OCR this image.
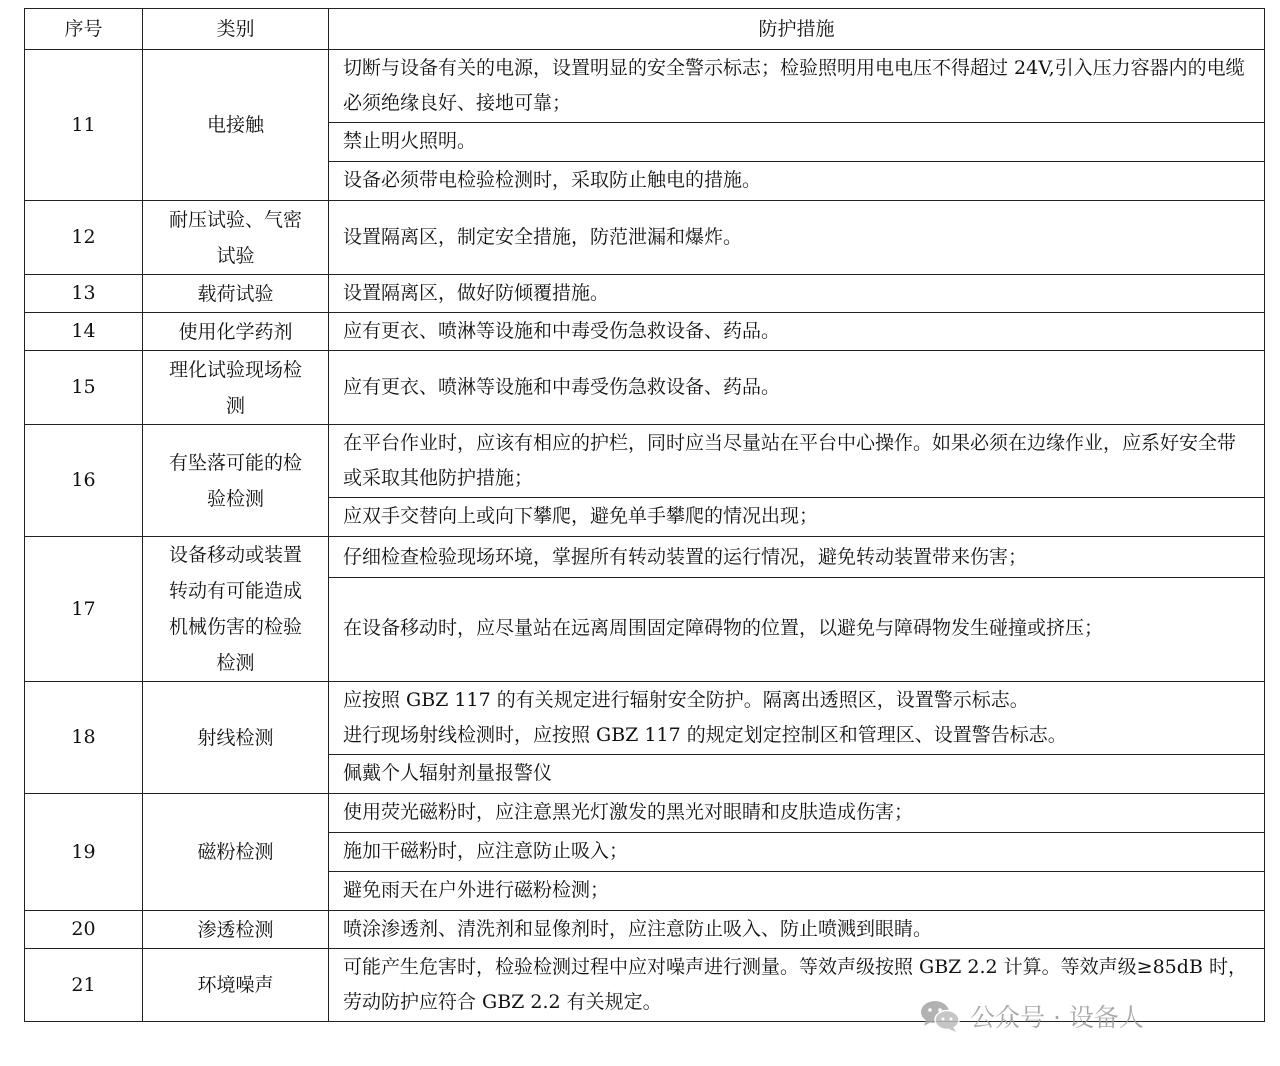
序号	类别	防护措施
11	电接触	切断与设备有关的电源，设置明显的安全警示标志；检验照明用电电压不得超过 24V,引入压力容器内的电缆必须绝缘良好、接地可靠；
禁止明火照明。
设备必须带电检验检测时，采取防止触电的措施。

12	耐压试验、气密试验	设置隔离区，制定安全措施，防范泄漏和爆炸。
13	载荷试验	设置隔离区，做好防倾覆措施。
14	使用化学药剂	应有更衣、喷淋等设施和中毒受伤急救设备、药品。
15	理化试验现场检测	应有更衣、喷淋等设施和中毒受伤急救设备、药品。
16	有坠落可能的检验检测	在平台作业时，应该有相应的护栏，同时应当尽量站在平台中心操作。如果必须在边缘作业，应系好安全带或采取其他防护措施；
应双手交替向上或向下攀爬，避免单手攀爬的情况出现；

17	设备移动或装置转动有可能造成机械伤害的检验检测	仔细检查检验现场环境，掌握所有转动装置的运行情况，避免转动装置带来伤害；
在设备移动时，应尽量站在远离周围固定障碍物的位置，以避免与障碍物发生碰撞或挤压；

18	射线检测	应按照 GBZ 117 的有关规定进行辐射安全防护。隔离出透照区，设置警示标志。
进行现场射线检测时，应按照 GBZ 117 的规定划定控制区和管理区、设置警告标志。
佩戴个人辐射剂量报警仪

19	磁粉检测	使用荧光磁粉时，应注意黑光灯激发的黑光对眼睛和皮肤造成伤害；
施加干磁粉时，应注意防止吸入；
避免雨天在户外进行磁粉检测；

20	渗透检测	喷涂渗透剂、清洗剂和显像剂时，应注意防止吸入、防止喷溅到眼睛。
21	环境噪声	可能产生危害时，检验检测过程中应对噪声进行测量。等效声级按照 GBZ 2.2 计算。等效声级≥85dB 时，劳动防护应符合 GBZ 2.2 有关规定。
公众号 · 设备人
